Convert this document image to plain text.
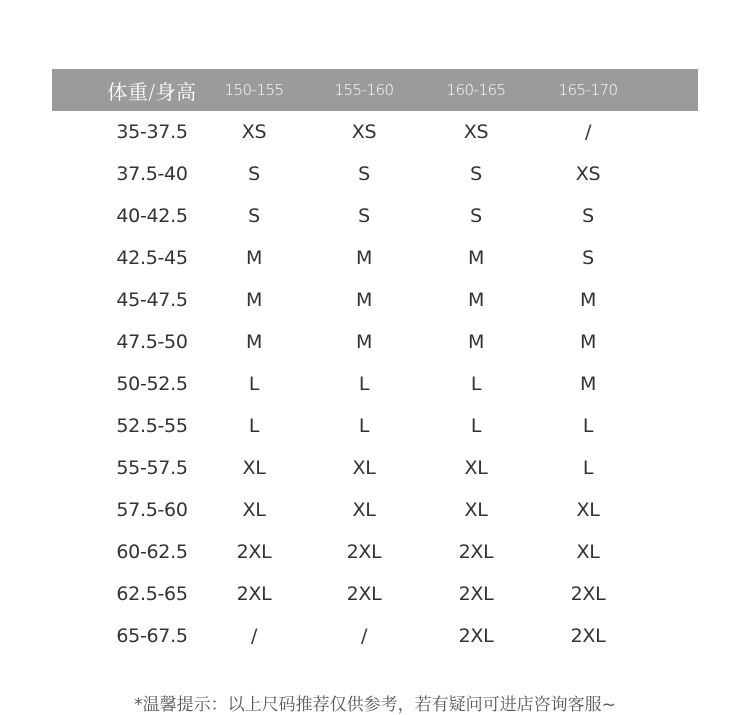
体重/身高	150-155	155-160	160-165	165-170
35-37.5	XS	XS	XS	/
37.5-40	S	S	S	XS
40-42.5	S	S	S	S
42.5-45	M	M	M	S
45-47.5	M	M	M	M
47.5-50	M	M	M	M
50-52.5	L	L	L	M
52.5-55	L	L	L	L
55-57.5	XL	XL	XL	L
57.5-60	XL	XL	XL	XL
60-62.5	2XL	2XL	2XL	XL
62.5-65	2XL	2XL	2XL	2XL
65-67.5	/	/	2XL	2XL
*温馨提示：以上尺码推荐仅供参考，若有疑问可进店咨询客服~
